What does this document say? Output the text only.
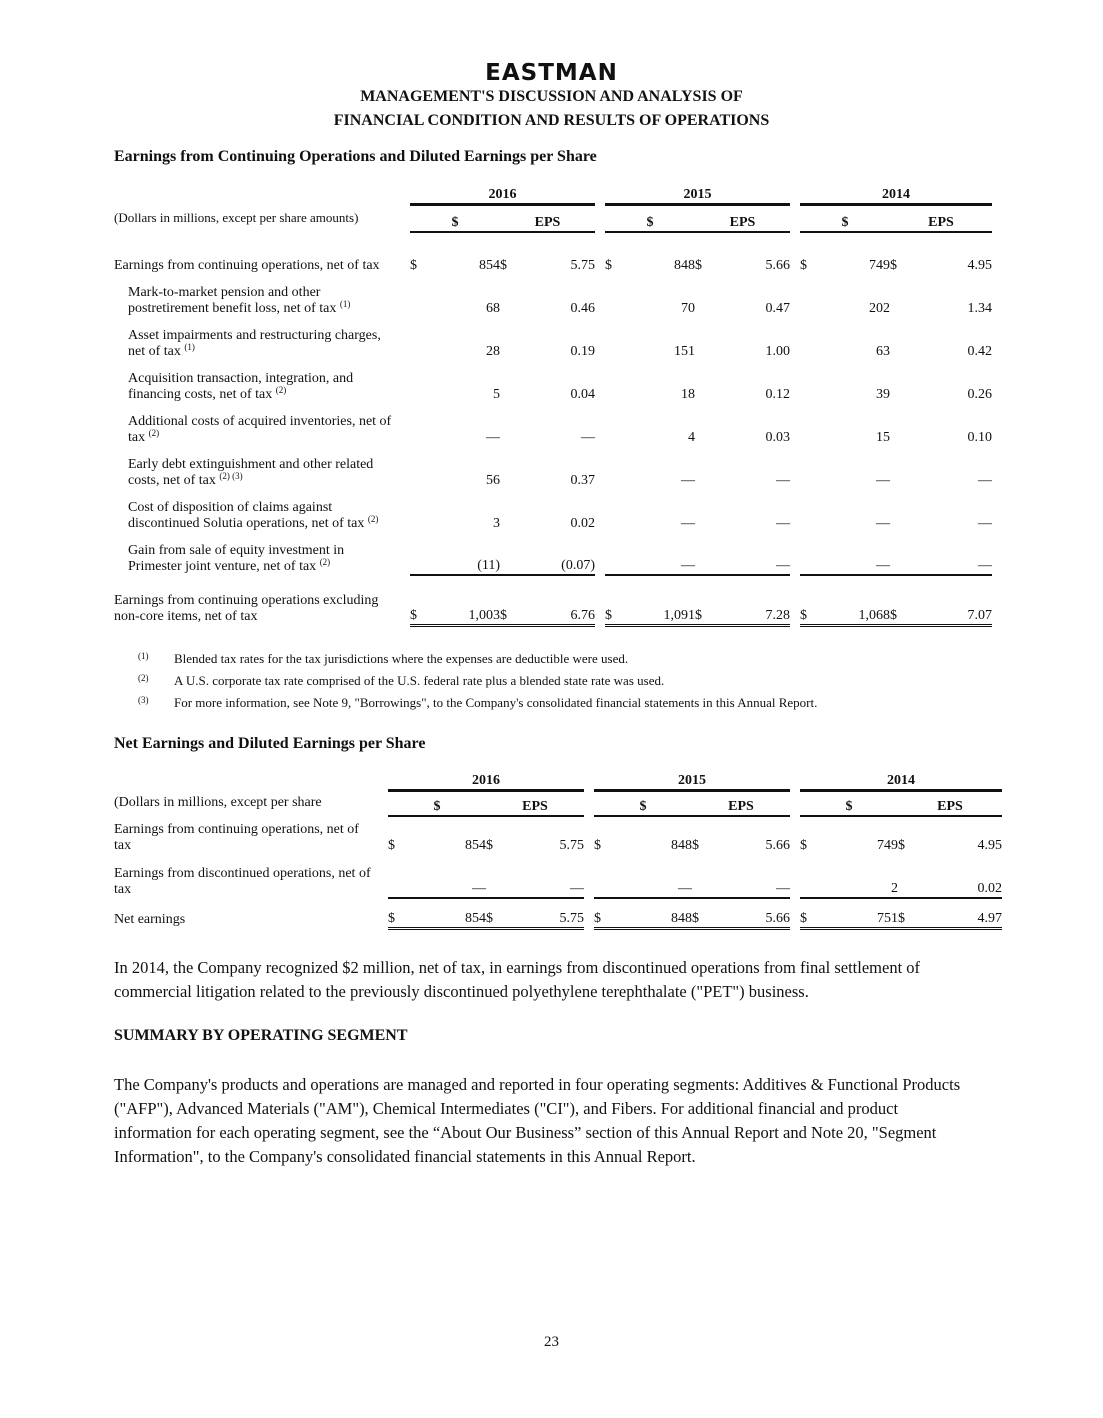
EASTMAN
MANAGEMENT'S DISCUSSION AND ANALYSIS OF
FINANCIAL CONDITION AND RESULTS OF OPERATIONS
Earnings from Continuing Operations and Diluted Earnings per Share
		2016					2015					2014			
(Dollars in millions, except per share amounts)		$		EPS			$		EPS			$		EPS	
Earnings from continuing operations, net of tax		$	854	$	5.75		$	848	$	5.66		$	749	$	4.95
Mark-to-market pension and other postretirement benefit loss, net of tax $^{(1)}$			68		0.46			70		0.47			202		1.34
Asset impairments and restructuring charges, net of tax $^{(1)}$			28		0.19			151		1.00			63		0.42
Acquisition transaction, integration, and financing costs, net of tax $^{(2)}$			5		0.04			18		0.12			39		0.26
Additional costs of acquired inventories, net of tax $^{(2)}$			—		—			4		0.03			15		0.10
Early debt extinguishment and other related costs, net of tax $^{(2) (3)}$			56		0.37			—		—			—		—
Cost of disposition of claims against discontinued Solutia operations, net of tax $^{(2)}$			3		0.02			—		—			—		—
Gain from sale of equity investment in Primester joint venture, net of tax $^{(2)}$			(11)		(0.07)			—		—			—		—
Earnings from continuing operations excluding non-core items, net of tax		$	1,003	$	6.76		$	1,091	$	7.28		$	1,068	$	7.07
(1) Blended tax rates for the tax jurisdictions where the expenses are deductible were used.
(2) A U.S. corporate tax rate comprised of the U.S. federal rate plus a blended state rate was used.
(3) For more information, see Note 9, "Borrowings", to the Company's consolidated financial statements in this Annual Report.
Net Earnings and Diluted Earnings per Share
		2016					2015					2014			
(Dollars in millions, except per share		$		EPS			$		EPS			$		EPS	
Earnings from continuing operations, net of tax		$	854	$	5.75		$	848	$	5.66		$	749	$	4.95
Earnings from discontinued operations, net of tax			—		—			—		—			2		0.02
Net earnings		$	854	$	5.75		$	848	$	5.66		$	751	$	4.97
In 2014, the Company recognized $2 million, net of tax, in earnings from discontinued operations from final settlement of commercial litigation related to the previously discontinued polyethylene terephthalate ("PET") business.
SUMMARY BY OPERATING SEGMENT
The Company's products and operations are managed and reported in four operating segments: Additives & Functional Products ("AFP"), Advanced Materials ("AM"), Chemical Intermediates ("CI"), and Fibers. For additional financial and product information for each operating segment, see the “About Our Business” section of this Annual Report and Note 20, "Segment Information", to the Company's consolidated financial statements in this Annual Report.
23
